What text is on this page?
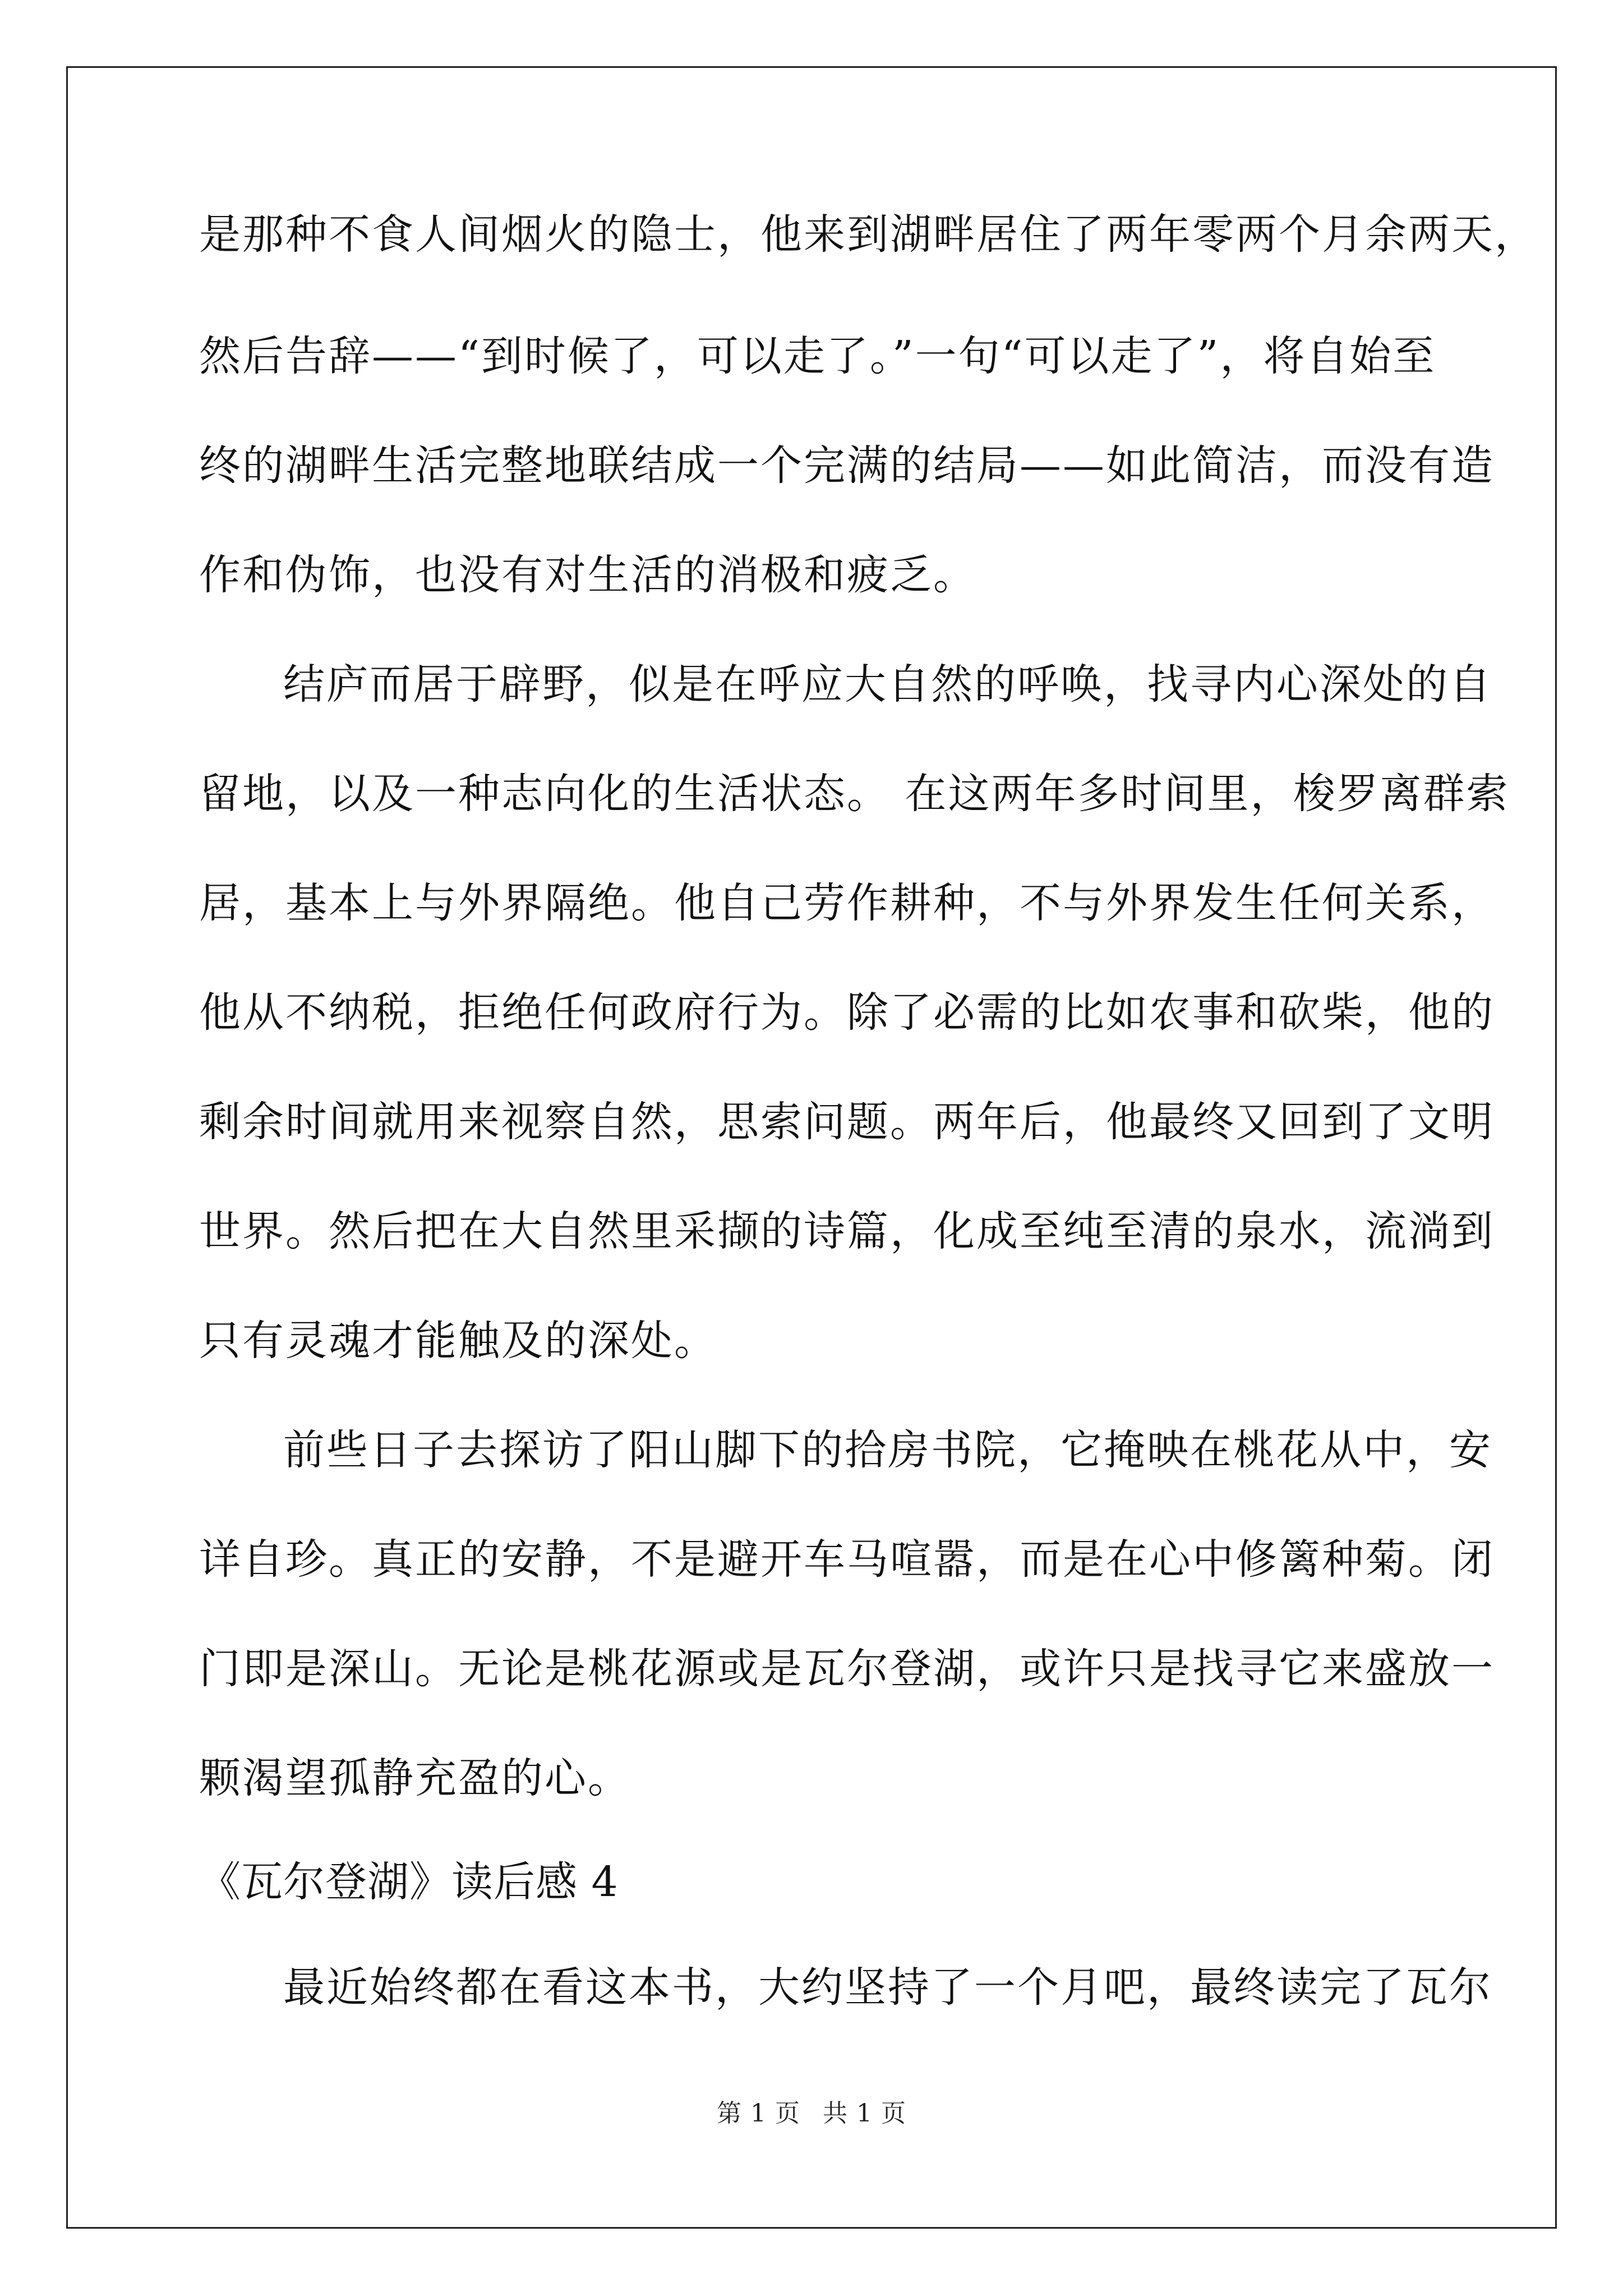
是那种不食人间烟火的隐士，他来到湖畔居住了两年零两个月余两天，
然后告辞——“到时候了，可以走了。”一句“可以走了”，将自始至
终的湖畔生活完整地联结成一个完满的结局——如此简洁，而没有造
作和伪饰，也没有对生活的消极和疲乏。
结庐而居于辟野，似是在呼应大自然的呼唤，找寻内心深处的自
留地，以及一种志向化的生活状态。 在这两年多时间里，梭罗离群索
居，基本上与外界隔绝。他自己劳作耕种，不与外界发生任何关系，
他从不纳税，拒绝任何政府行为。除了必需的比如农事和砍柴，他的
剩余时间就用来视察自然，思索问题。两年后，他最终又回到了文明
世界。然后把在大自然里采撷的诗篇，化成至纯至清的泉水，流淌到
只有灵魂才能触及的深处。
前些日子去探访了阳山脚下的拾房书院，它掩映在桃花从中，安
详自珍。真正的安静，不是避开车马喧嚣，而是在心中修篱种菊。闭
门即是深山。无论是桃花源或是瓦尔登湖，或许只是找寻它来盛放一
颗渴望孤静充盈的心。
《瓦尔登湖》读后感 4
最近始终都在看这本书，大约坚持了一个月吧，最终读完了瓦尔
第 1 页 共 1 页
